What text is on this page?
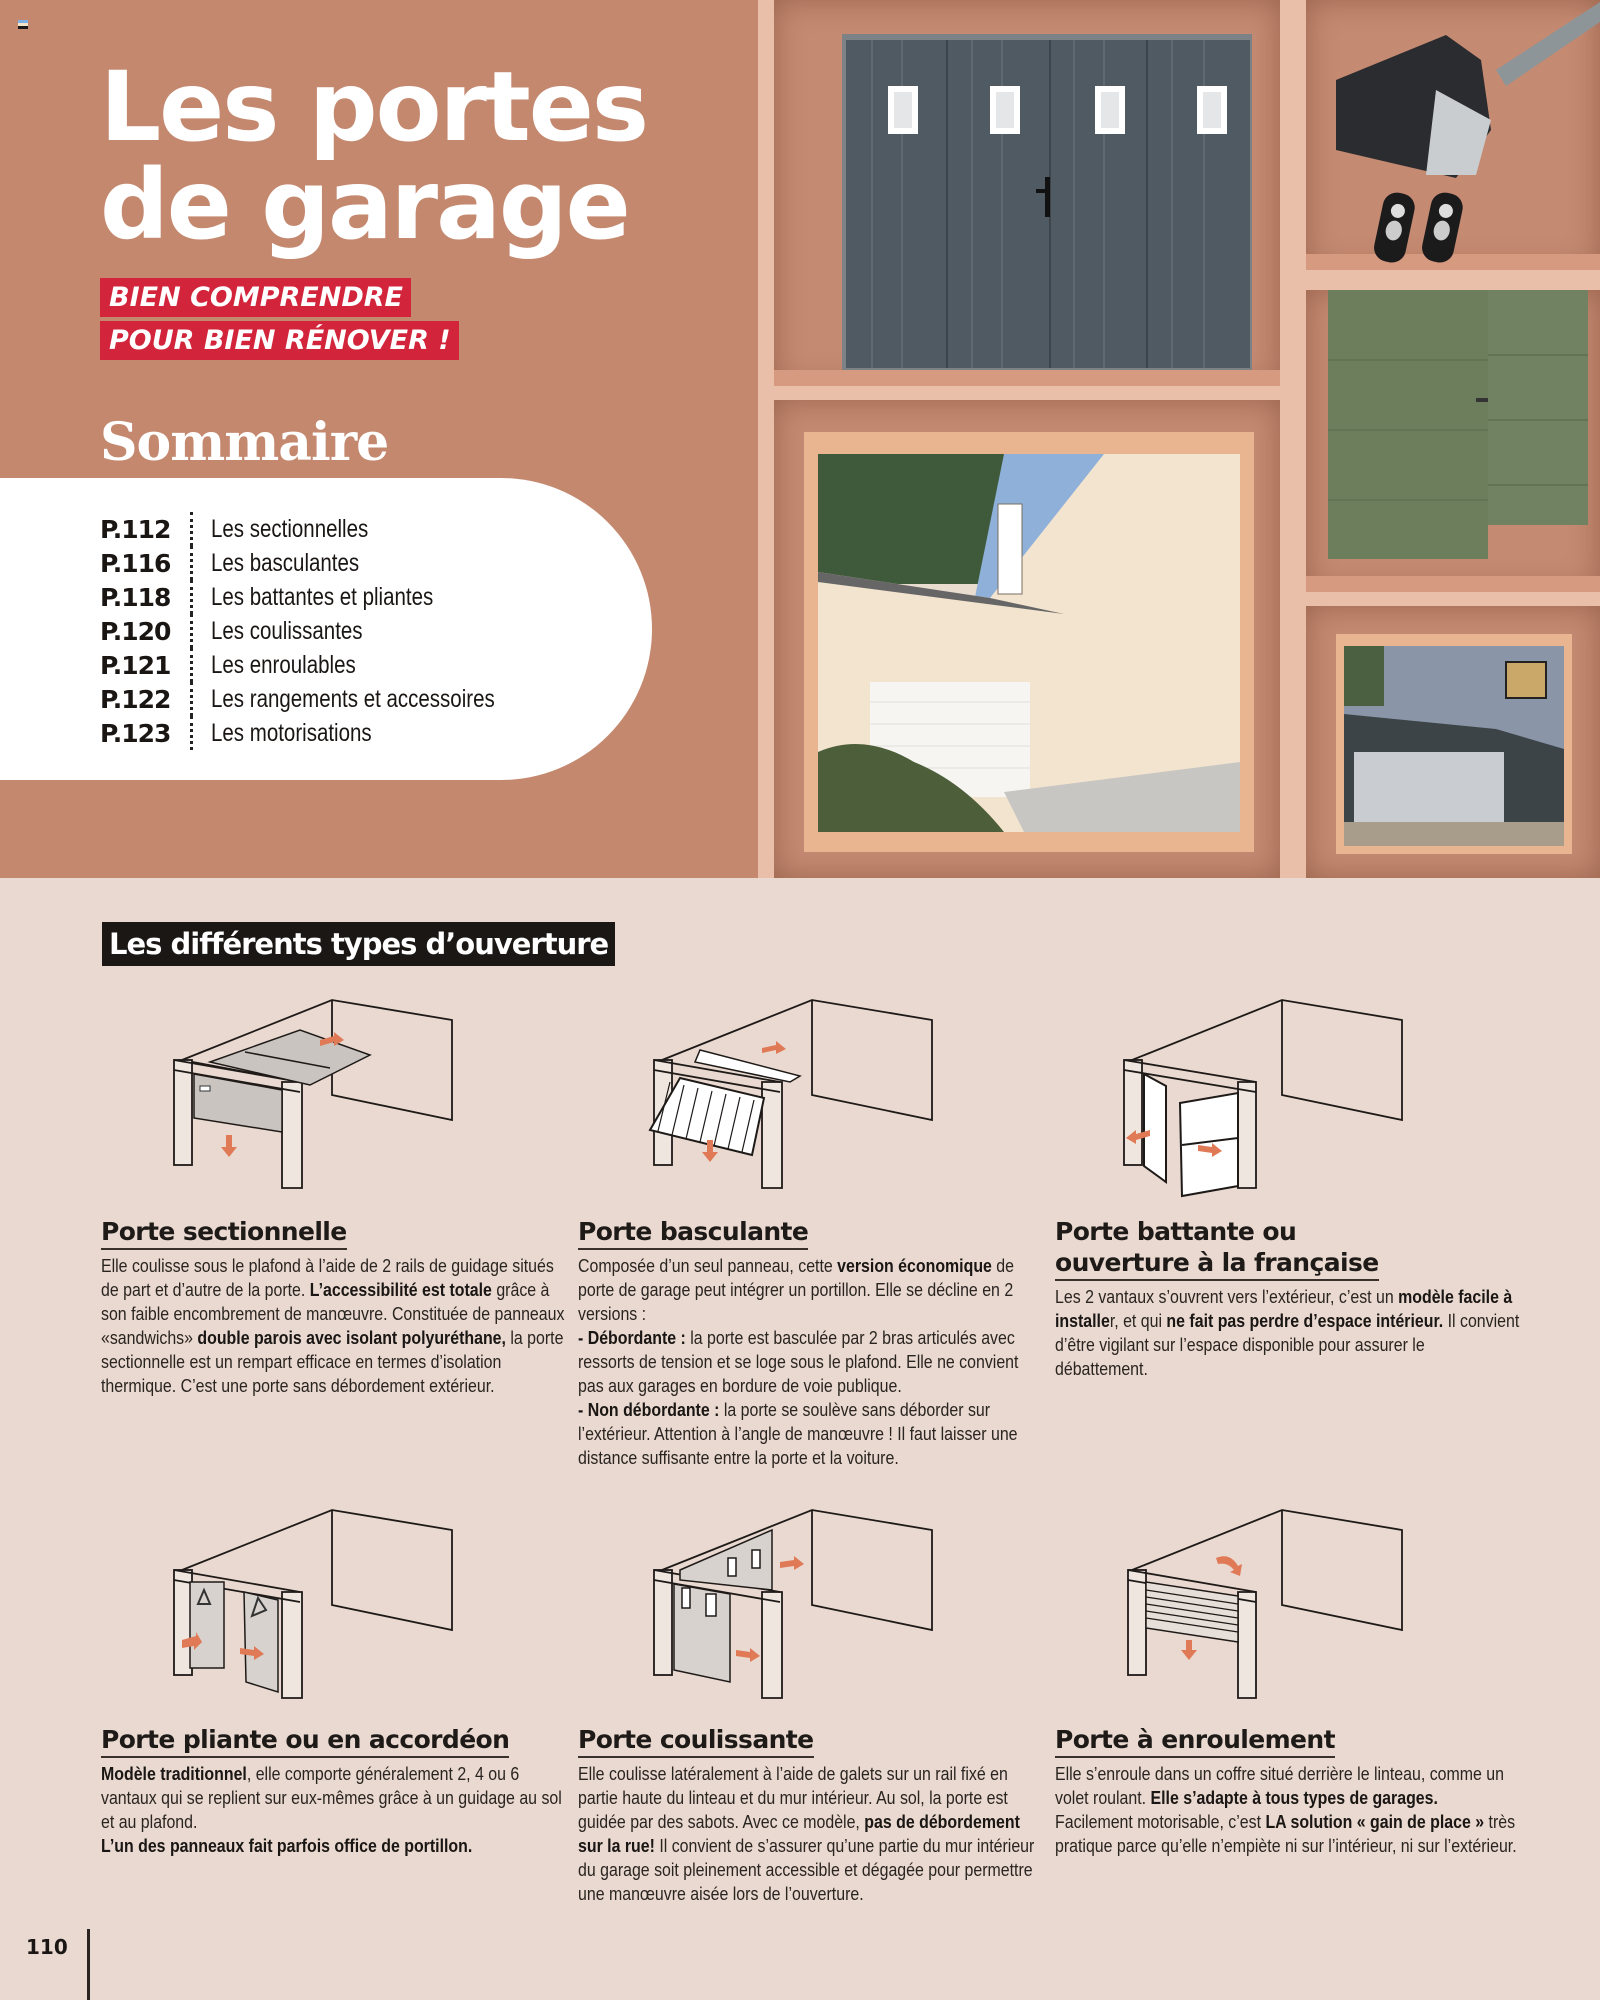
Les portes
de garage
BIEN COMPRENDRE
POUR BIEN RÉNOVER !
Sommaire
P.112	Les sectionnelles
P.116	Les basculantes
P.118	Les battantes et pliantes
P.120	Les coulissantes
P.121	Les enroulables
P.122	Les rangements et accessoires
P.123	Les motorisations
Les différents types d’ouverture
Porte sectionnelle

Elle coulisse sous le plafond à l’aide de 2 rails de guidage situés de part et d’autre de la porte. L’accessibilité est totale grâce à son faible encombrement de manœuvre. Constituée de panneaux «sandwichs» double parois avec isolant polyuréthane, la porte sectionnelle est un rempart efficace en termes d’isolation thermique. C’est une porte sans débordement extérieur.

Porte basculante

Composée d’un seul panneau, cette version économique de porte de garage peut intégrer un portillon. Elle se décline en 2 versions :
- Débordante : la porte est basculée par 2 bras articulés avec ressorts de tension et se loge sous le plafond. Elle ne convient pas aux garages en bordure de voie publique.
- Non débordante : la porte se soulève sans déborder sur l’extérieur. Attention à l’angle de manœuvre ! Il faut laisser une distance suffisante entre la porte et la voiture.

Porte battante ou
ouverture à la française

Les 2 vantaux s’ouvrent vers l’extérieur, c’est un modèle facile à installer, et qui ne fait pas perdre d’espace intérieur. Il convient d’être vigilant sur l’espace disponible pour assurer le débattement.

Porte pliante ou en accordéon

Modèle traditionnel, elle comporte généralement 2, 4 ou 6 vantaux qui se replient sur eux-mêmes grâce à un guidage au sol et au plafond.
L’un des panneaux fait parfois office de portillon.

Porte coulissante

Elle coulisse latéralement à l’aide de galets sur un rail fixé en partie haute du linteau et du mur intérieur. Au sol, la porte est guidée par des sabots. Avec ce modèle, pas de débordement sur la rue! Il convient de s’assurer qu’une partie du mur intérieur du garage soit pleinement accessible et dégagée pour permettre une manœuvre aisée lors de l’ouverture.

Porte à enroulement

Elle s’enroule dans un coffre situé derrière le linteau, comme un volet roulant. Elle s’adapte à tous types de garages. Facilement motorisable, c’est LA solution « gain de place » très pratique parce qu’elle n’empiète ni sur l’intérieur, ni sur l’extérieur.

110
